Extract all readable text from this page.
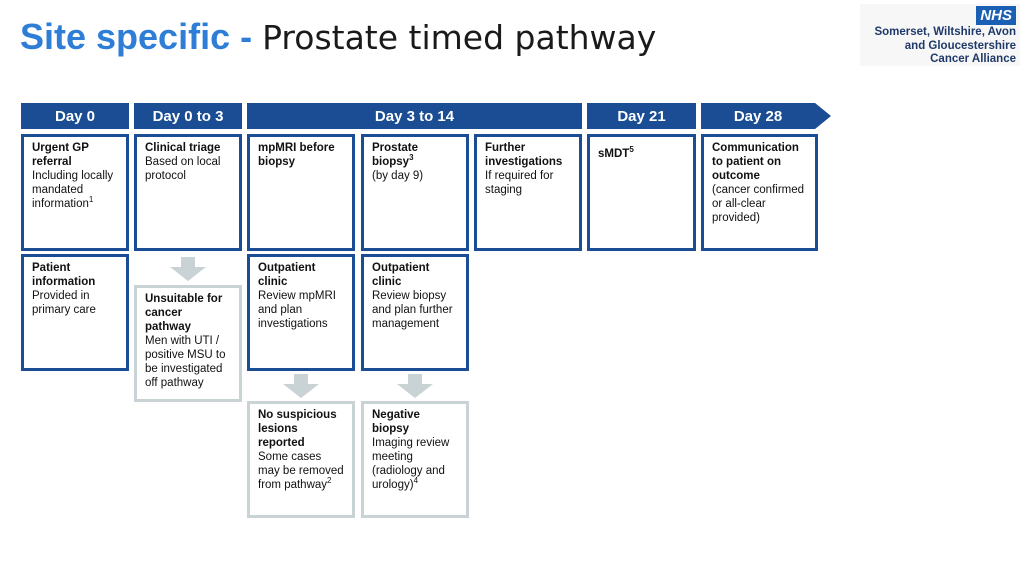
Site specific - Prostate timed pathway
NHS
Somerset, Wiltshire, Avon
and Gloucestershire
Cancer Alliance
Day 0	Day 0 to 3	Day 3 to 14	Day 21	Day 28
Urgent GP referral
Including locally mandated information$^1$
Clinical triage
Based on local protocol
mpMRI before biopsy
Prostate biopsy$^3$
(by day 9)
Further investigations
If required for staging
sMDT$^5$	Communication to patient on outcome
(cancer confirmed or all-clear provided)
Patient information
Provided in primary care
Unsuitable for cancer pathway
Men with UTI / positive MSU to be investigated off pathway
Outpatient clinic
Review mpMRI and plan investigations
Outpatient clinic
Review biopsy and plan further management
No suspicious lesions reported
Some cases may be removed from pathway$^2$
Negative biopsy
Imaging review meeting (radiology and urology)$^4$
